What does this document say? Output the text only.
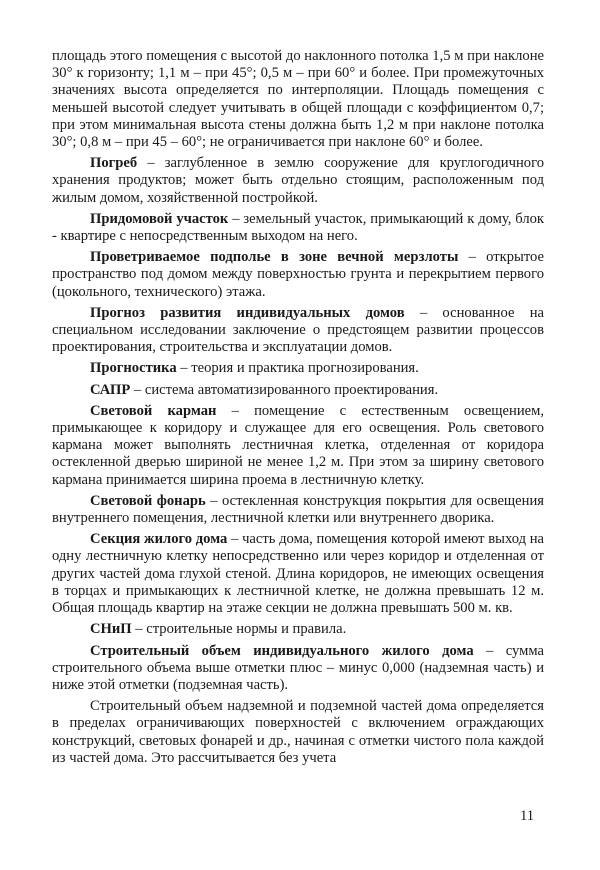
площадь этого помещения с высотой до наклонного потолка 1,5 м при наклоне 30° к горизонту; 1,1 м – при 45°; 0,5 м – при 60° и более. При промежуточных значениях высота определяется по интерполяции. Площадь помещения с меньшей высотой следует учитывать в общей площади с коэффициентом 0,7; при этом минимальная высота стены должна быть 1,2 м при наклоне потолка 30°; 0,8 м – при 45 – 60°; не ограничивается при наклоне 60° и более.

Погреб – заглубленное в землю сооружение для круглогодичного хранения продуктов; может быть отдельно стоящим, расположенным под жилым домом, хозяйственной постройкой.

Придомовой участок – земельный участок, примыкающий к дому, блок - квартире с непосредственным выходом на него.

Проветриваемое подполье в зоне вечной мерзлоты – открытое пространство под домом между поверхностью грунта и перекрытием первого (цокольного, технического) этажа.

Прогноз развития индивидуальных домов – основанное на специальном исследовании заключение о предстоящем развитии процессов проектирования, строительства и эксплуатации домов.

Прогностика – теория и практика прогнозирования.

САПР – система автоматизированного проектирования.

Световой карман – помещение с естественным освещением, примыкающее к коридору и служащее для его освещения. Роль светового кармана может выполнять лестничная клетка, отделенная от коридора остекленной дверью шириной не менее 1,2 м. При этом за ширину светового кармана принимается ширина проема в лестничную клетку.

Световой фонарь – остекленная конструкция покрытия для освещения внутреннего помещения, лестничной клетки или внутреннего дворика.

Секция жилого дома – часть дома, помещения которой имеют выход на одну лестничную клетку непосредственно или через коридор и отделенная от других частей дома глухой стеной. Длина коридоров, не имеющих освещения в торцах и примыкающих к лестничной клетке, не должна превышать 12 м. Общая площадь квартир на этаже секции не должна превышать 500 м. кв.

СНиП – строительные нормы и правила.

Строительный объем индивидуального жилого дома – сумма строительного объема выше отметки плюс – минус 0,000 (надземная часть) и ниже этой отметки (подземная часть).

Строительный объем надземной и подземной частей дома определяется в пределах ограничивающих поверхностей с включением ограждающих конструкций, световых фонарей и др., начиная с отметки чистого пола каждой из частей дома. Это рассчитывается без учета

11
